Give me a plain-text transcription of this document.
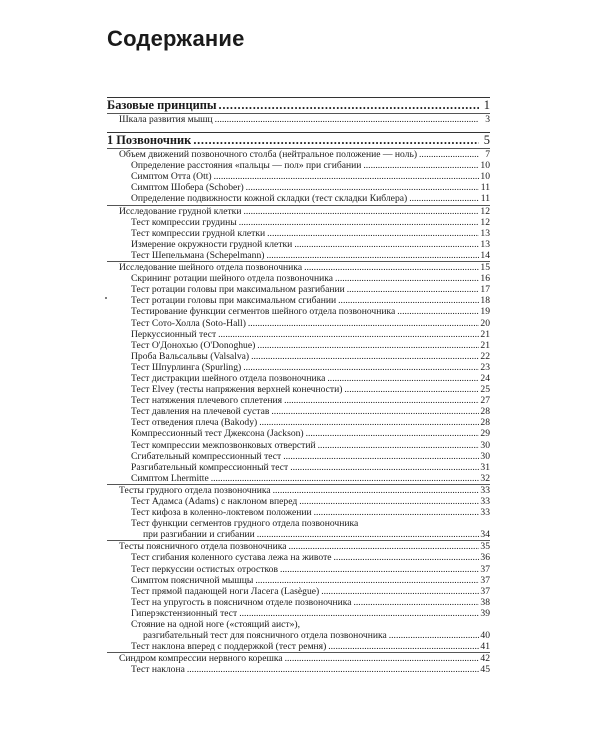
Содержание
Базовые принципы . . .	1
Шкала развития мышц . . .	3
1 Позвоночник . . .	5
Объем движений позвоночного столба (нейтральное положение — ноль) . . .	7
Определение расстояния «пальцы — пол» при сгибании . . .	10
Симптом Отта (Ott) . . .	10
Симптом Шобера (Schober) . . .	11
Определение подвижности кожной складки (тест складки Киблера) . . .	11
Исследование грудной клетки . . .	12
Тест компрессии грудины . . .	12
Тест компрессии грудной клетки . . .	13
Измерение окружности грудной клетки . . .	13
Тест Шепельмана (Schepelmann) . . .	14
Исследование шейного отдела позвоночника . . .	15
Скрининг ротации шейного отдела позвоночника . . .	16
Тест ротации головы при максимальном разгибании . . .	17
Тест ротации головы при максимальном сгибании . . .	18
Тестирование функции сегментов шейного отдела позвоночника . . .	19
Тест Сото-Холла (Soto-Hall) . . .	20
Перкуссионный тест . . .	21
Тест О'Донохью (O'Donoghue) . . .	21
Проба Вальсальвы (Valsalva) . . .	22
Тест Шпурлинга (Spurling) . . .	23
Тест дистракции шейного отдела позвоночника . . .	24
Тест Elvey (тесты напряжения верхней конечности) . . .	25
Тест натяжения плечевого сплетения . . .	27
Тест давления на плечевой сустав . . .	28
Тест отведения плеча (Bakody) . . .	28
Компрессионный тест Джексона (Jackson) . . .	29
Тест компрессии межпозвонковых отверстий . . .	30
Сгибательный компрессионный тест . . .	30
Разгибательный компрессионный тест . . .	31
Симптом Lhermitte . . .	32
Тесты грудного отдела позвоночника . . .	33
Тест Адамса (Adams) с наклоном вперед . . .	33
Тест кифоза в коленно-локтевом положении . . .	33
Тест функции сегментов грудного отдела позвоночника
при разгибании и сгибании . . .	34
Тесты поясничного отдела позвоночника . . .	35
Тест сгибания коленного сустава лежа на животе . . .	36
Тест перкуссии остистых отростков . . .	37
Симптом поясничной мышцы . . .	37
Тест прямой падающей ноги Ласега (Lasègue) . . .	37
Тест на упругость в поясничном отделе позвоночника . . .	38
Гиперэкстензионный тест . . .	39
Стояние на одной ноге («стоящий аист»),
разгибательный тест для поясничного отдела позвоночника . . .	40
Тест наклона вперед с поддержкой (тест ремня) . . .	41
Синдром компрессии нервного корешка . . .	42
Тест наклона . . .	45
